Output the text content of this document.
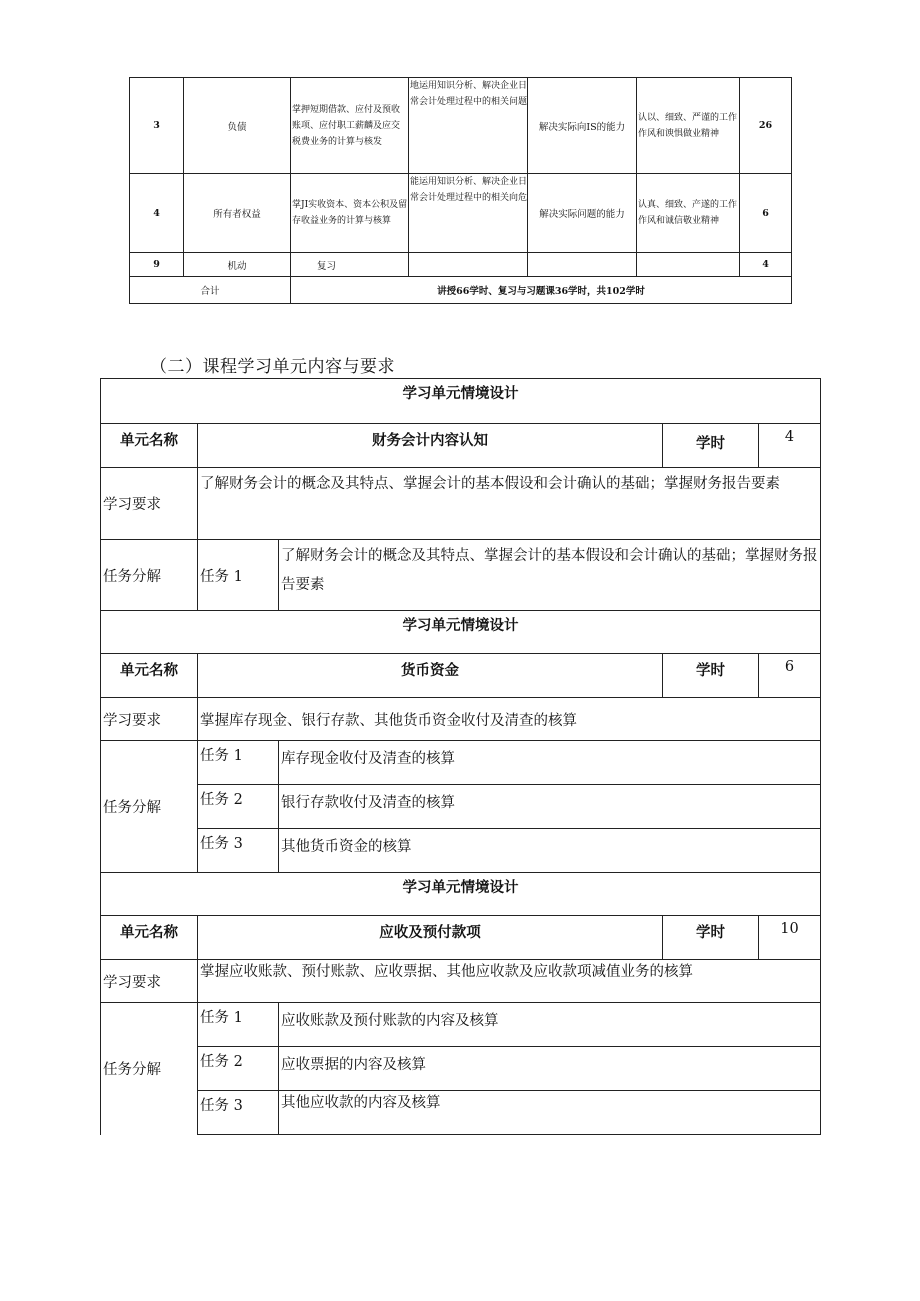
3	负债	掌押短期借款、应付及预收账项、应付职工薪麟及应交税费业务的计算与核发	地运用知识分析、解决企业日常会计处理过程中的相关问题	解决实际向IS的能力	认以、细致、严谨的工作作风和谀惧做业精神	26
4	所有者权益	掌JI实收资本、资本公积及留存收益业务的计算与核算	能运用知识分析、解决企业日常会计处理过程中的相关向危	解决实际问题的能力	认真、细致、产遂的工作作风和诚信敬业精神	6
9	机动	复习				4
合计		讲授66学时、复习与习题课36学时，共102学时				
（二）课程学习单元内容与要求
学习单元情境设计				
单元名称	财务会计内容认知		学时	4
学习要求	了解财务会计的概念及其特点、掌握会计的基本假设和会计确认的基础；掌握财务报告要素			
任务分解	任务 1	了解财务会计的概念及其特点、掌握会计的基本假设和会计确认的基础；掌握财务报告要素		
学习单元情境设计				
单元名称	货币资金		学时	6
学习要求	掌握库存现金、银行存款、其他货币资金收付及清查的核算			
任务分解	任务 1	库存现金收付及清查的核算		
	任务 2	银行存款收付及清查的核算		
	任务 3	其他货币资金的核算		
学习单元情境设计				
单元名称	应收及预付款项		学时	10
学习要求	掌握应收账款、预付账款、应收票据、其他应收款及应收款项减值业务的核算			
任务分解	任务 1	应收账款及预付账款的内容及核算		
	任务 2	应收票据的内容及核算		
	任务 3	其他应收款的内容及核算		
